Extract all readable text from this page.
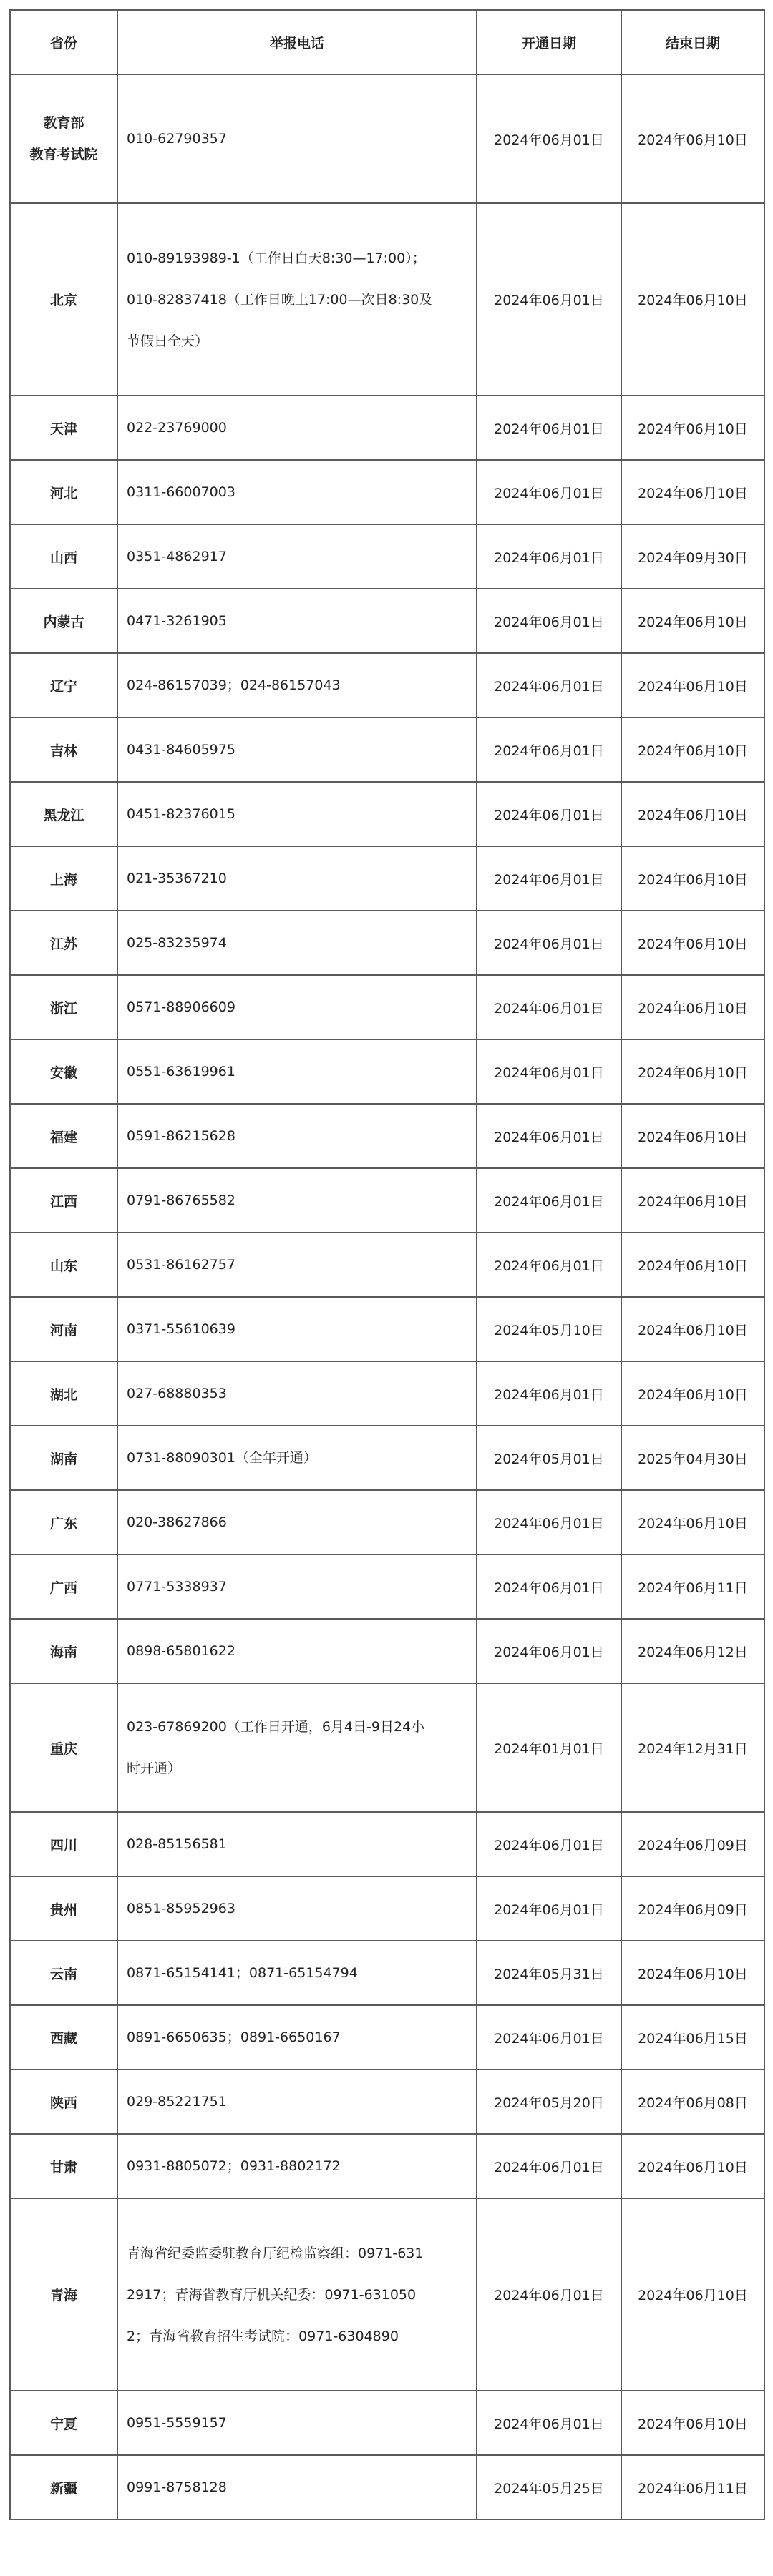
省份	举报电话	开通日期	结束日期

教育部
教育考试院	010-62790357	2024年06月01日	2024年06月10日

北京	010-89193989-1（工作日白天8:30—17:00）；
010-82837418（工作日晚上17:00—次日8:30及
节假日全天）	2024年06月01日	2024年06月10日

天津	022-23769000	2024年06月01日	2024年06月10日

河北	0311-66007003	2024年06月01日	2024年06月10日

山西	0351-4862917	2024年06月01日	2024年09月30日

内蒙古	0471-3261905	2024年06月01日	2024年06月10日

辽宁	024-86157039；024-86157043	2024年06月01日	2024年06月10日

吉林	0431-84605975	2024年06月01日	2024年06月10日

黑龙江	0451-82376015	2024年06月01日	2024年06月10日

上海	021-35367210	2024年06月01日	2024年06月10日

江苏	025-83235974	2024年06月01日	2024年06月10日

浙江	0571-88906609	2024年06月01日	2024年06月10日

安徽	0551-63619961	2024年06月01日	2024年06月10日

福建	0591-86215628	2024年06月01日	2024年06月10日

江西	0791-86765582	2024年06月01日	2024年06月10日

山东	0531-86162757	2024年06月01日	2024年06月10日

河南	0371-55610639	2024年05月10日	2024年06月10日

湖北	027-68880353	2024年06月01日	2024年06月10日

湖南	0731-88090301（全年开通）	2024年05月01日	2025年04月30日

广东	020-38627866	2024年06月01日	2024年06月10日

广西	0771-5338937	2024年06月01日	2024年06月11日

海南	0898-65801622	2024年06月01日	2024年06月12日

重庆	023-67869200（工作日开通，6月4日-9日24小
时开通）	2024年01月01日	2024年12月31日

四川	028-85156581	2024年06月01日	2024年06月09日

贵州	0851-85952963	2024年06月01日	2024年06月09日

云南	0871-65154141；0871-65154794	2024年05月31日	2024年06月10日

西藏	0891-6650635；0891-6650167	2024年06月01日	2024年06月15日

陕西	029-85221751	2024年05月20日	2024年06月08日

甘肃	0931-8805072；0931-8802172	2024年06月01日	2024年06月10日

青海	青海省纪委监委驻教育厅纪检监察组：0971-631
2917；青海省教育厅机关纪委：0971-631050
2；青海省教育招生考试院：0971-6304890	2024年06月01日	2024年06月10日

宁夏	0951-5559157	2024年06月01日	2024年06月10日

新疆	0991-8758128	2024年05月25日	2024年06月11日
